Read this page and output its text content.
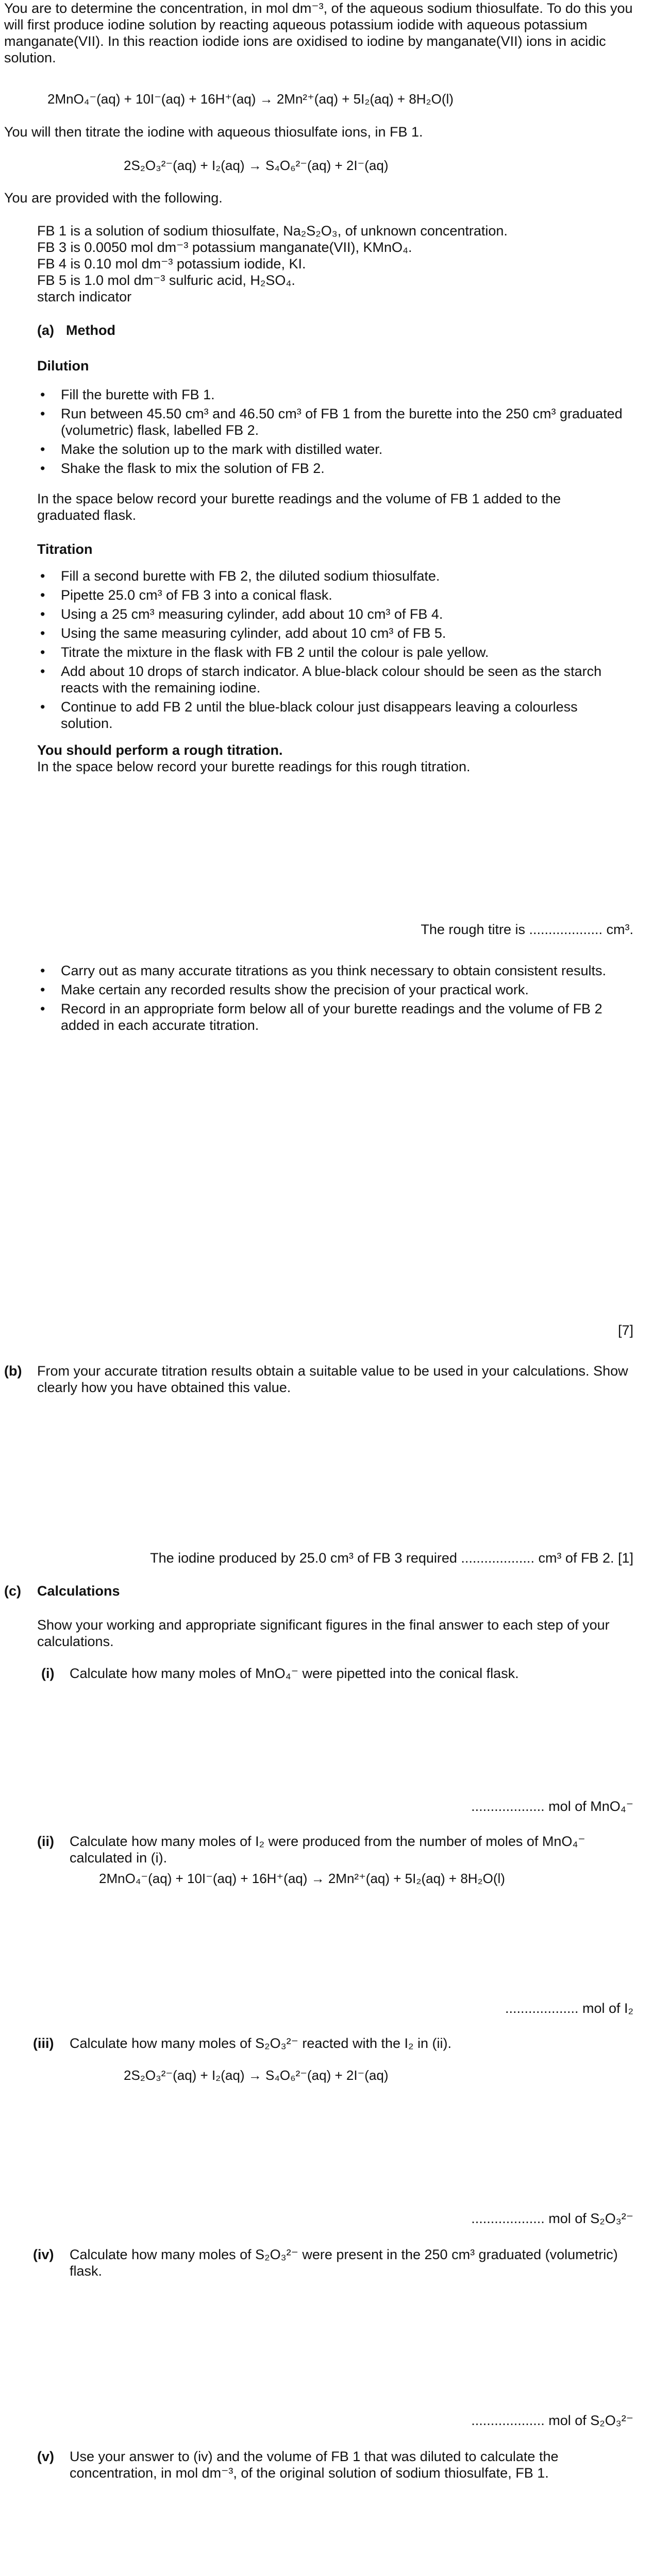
You are to determine the concentration, in mol dm⁻³, of the aqueous sodium thiosulfate. To do this you will first produce iodine solution by reacting aqueous potassium iodide with aqueous potassium manganate(VII). In this reaction iodide ions are oxidised to iodine by manganate(VII) ions in acidic solution.

2MnO₄⁻(aq) + 10I⁻(aq) + 16H⁺(aq) → 2Mn²⁺(aq) + 5I₂(aq) + 8H₂O(l)

You will then titrate the iodine with aqueous thiosulfate ions, in FB 1.

2S₂O₃²⁻(aq) + I₂(aq) → S₄O₆²⁻(aq) + 2I⁻(aq)

You are provided with the following.

FB 1 is a solution of sodium thiosulfate, Na₂S₂O₃, of unknown concentration.
FB 3 is 0.0050 mol dm⁻³ potassium manganate(VII), KMnO₄.
FB 4 is 0.10 mol dm⁻³ potassium iodide, KI.
FB 5 is 1.0 mol dm⁻³ sulfuric acid, H₂SO₄.
starch indicator
(a) Method
Dilution
• Fill the burette with FB 1.
• Run between 45.50 cm³ and 46.50 cm³ of FB 1 from the burette into the 250 cm³ graduated (volumetric) flask, labelled FB 2.
• Make the solution up to the mark with distilled water.
• Shake the flask to mix the solution of FB 2.

In the space below record your burette readings and the volume of FB 1 added to the graduated flask.

Titration
• Fill a second burette with FB 2, the diluted sodium thiosulfate.
• Pipette 25.0 cm³ of FB 3 into a conical flask.
• Using a 25 cm³ measuring cylinder, add about 10 cm³ of FB 4.
• Using the same measuring cylinder, add about 10 cm³ of FB 5.
• Titrate the mixture in the flask with FB 2 until the colour is pale yellow.
• Add about 10 drops of starch indicator. A blue-black colour should be seen as the starch reacts with the remaining iodine.
• Continue to add FB 2 until the blue-black colour just disappears leaving a colourless solution.

You should perform a rough titration.

In the space below record your burette readings for this rough titration.

The rough titre is ................... cm³.

• Carry out as many accurate titrations as you think necessary to obtain consistent results.
• Make certain any recorded results show the precision of your practical work.
• Record in an appropriate form below all of your burette readings and the volume of FB 2 added in each accurate titration.
[7]
(b) From your accurate titration results obtain a suitable value to be used in your calculations. Show clearly how you have obtained this value.

The iodine produced by 25.0 cm³ of FB 3 required ................... cm³ of FB 2. [1]

(c) Calculations

Show your working and appropriate significant figures in the final answer to each step of your calculations.

(i) Calculate how many moles of MnO₄⁻ were pipetted into the conical flask.

................... mol of MnO₄⁻

(ii) Calculate how many moles of I₂ were produced from the number of moles of MnO₄⁻ calculated in (i).

2MnO₄⁻(aq) + 10I⁻(aq) + 16H⁺(aq) → 2Mn²⁺(aq) + 5I₂(aq) + 8H₂O(l)

................... mol of I₂

(iii) Calculate how many moles of S₂O₃²⁻ reacted with the I₂ in (ii).

2S₂O₃²⁻(aq) + I₂(aq) → S₄O₆²⁻(aq) + 2I⁻(aq)

................... mol of S₂O₃²⁻

(iv) Calculate how many moles of S₂O₃²⁻ were present in the 250 cm³ graduated (volumetric) flask.

................... mol of S₂O₃²⁻

(v) Use your answer to (iv) and the volume of FB 1 that was diluted to calculate the concentration, in mol dm⁻³, of the original solution of sodium thiosulfate, FB 1.
